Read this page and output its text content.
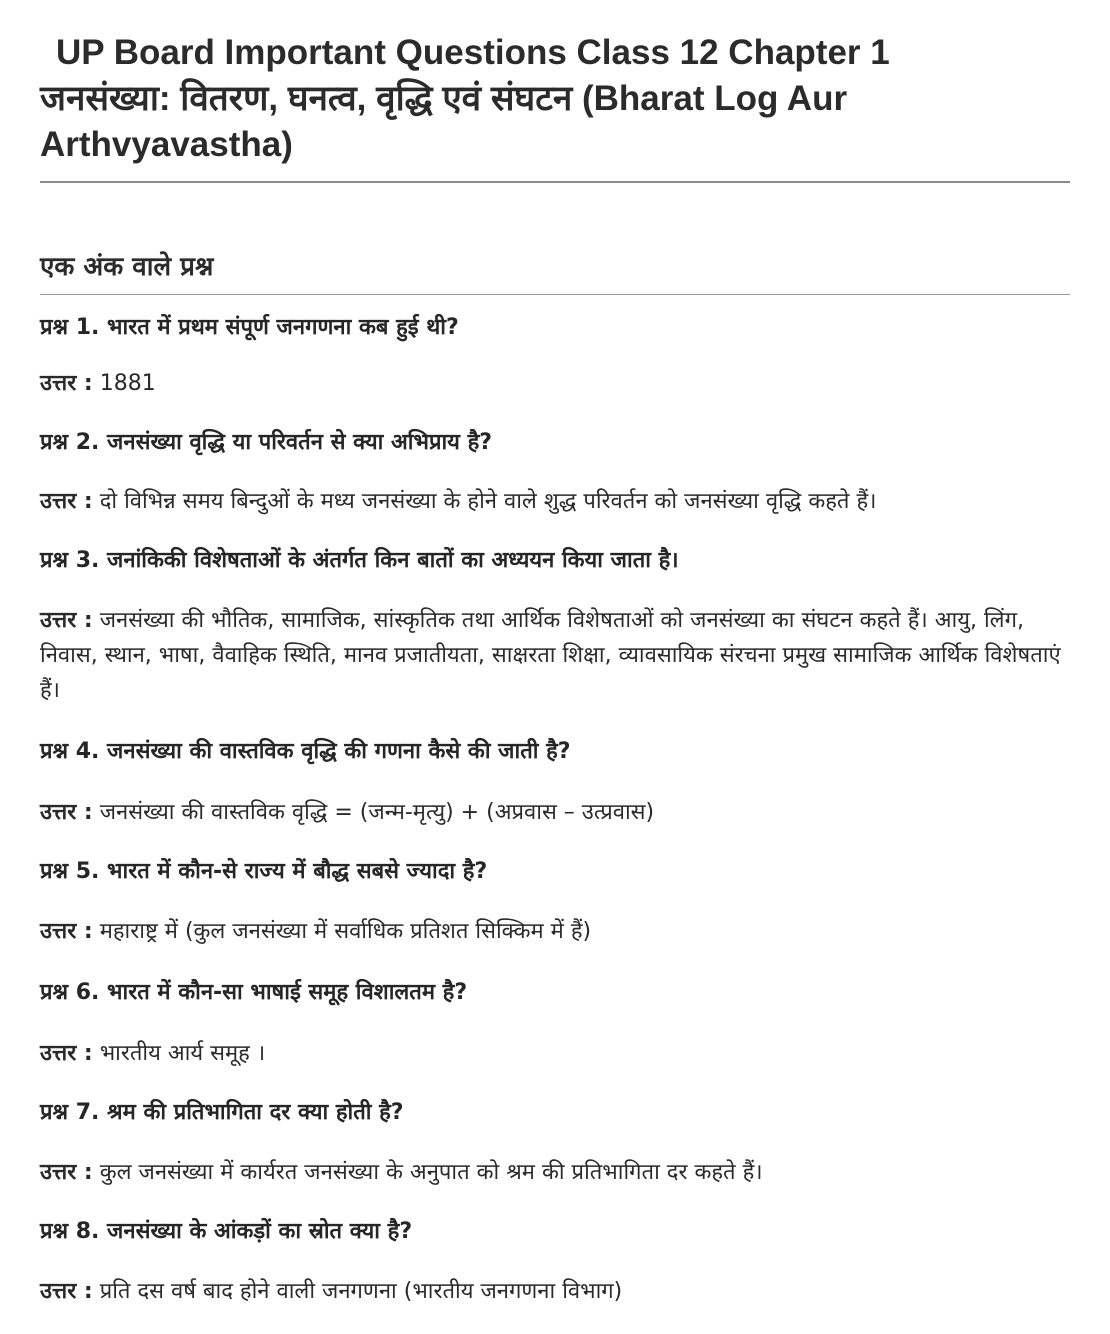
UP Board Important Questions Class 12 Chapter 1
जनसंख्या: वितरण, घनत्व, वृद्धि एवं संघटन (Bharat Log Aur
Arthvyavastha)
एक अंक वाले प्रश्न

प्रश्न 1. भारत में प्रथम संपूर्ण जनगणना कब हुई थी?

उत्तर : 1881

प्रश्न 2. जनसंख्या वृद्धि या परिवर्तन से क्या अभिप्राय है?

उत्तर : दो विभिन्न समय बिन्दुओं के मध्य जनसंख्या के होने वाले शुद्ध परिवर्तन को जनसंख्या वृद्धि कहते हैं।

प्रश्न 3. जनांकिकी विशेषताओं के अंतर्गत किन बातों का अध्ययन किया जाता है।

उत्तर : जनसंख्या की भौतिक, सामाजिक, सांस्कृतिक तथा आर्थिक विशेषताओं को जनसंख्या का संघटन कहते हैं। आयु, लिंग, निवास, स्थान, भाषा, वैवाहिक स्थिति, मानव प्रजातीयता, साक्षरता शिक्षा, व्यावसायिक संरचना प्रमुख सामाजिक आर्थिक विशेषताएं हैं।

प्रश्न 4. जनसंख्या की वास्तविक वृद्धि की गणना कैसे की जाती है?

उत्तर : जनसंख्या की वास्तविक वृद्धि = (जन्म-मृत्यु) + (अप्रवास – उत्प्रवास)

प्रश्न 5. भारत में कौन-से राज्य में बौद्ध सबसे ज्यादा है?

उत्तर : महाराष्ट्र में (कुल जनसंख्या में सर्वाधिक प्रतिशत सिक्किम में हैं)

प्रश्न 6. भारत में कौन-सा भाषाई समूह विशालतम है?

उत्तर : भारतीय आर्य समूह ।

प्रश्न 7. श्रम की प्रतिभागिता दर क्या होती है?

उत्तर : कुल जनसंख्या में कार्यरत जनसंख्या के अनुपात को श्रम की प्रतिभागिता दर कहते हैं।

प्रश्न 8. जनसंख्या के आंकड़ों का स्रोत क्या है?

उत्तर : प्रति दस वर्ष बाद होने वाली जनगणना (भारतीय जनगणना विभाग)
